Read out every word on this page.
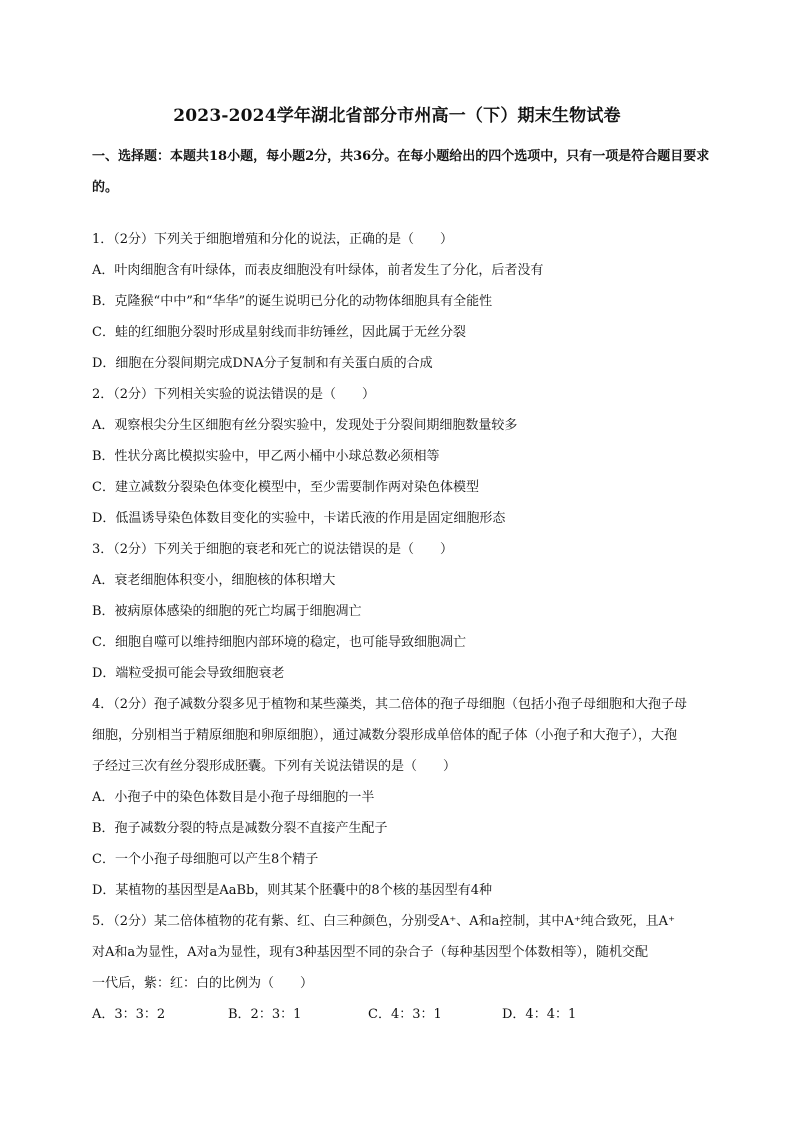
2023-2024学年湖北省部分市州高一（下）期末生物试卷
一、选择题：本题共18小题，每小题2分，共36分。在每小题给出的四个选项中，只有一项是符合题目要求的。
1．（2分）下列关于细胞增殖和分化的说法，正确的是（　　）
A．叶肉细胞含有叶绿体，而表皮细胞没有叶绿体，前者发生了分化，后者没有
B．克隆猴“中中”和“华华”的诞生说明已分化的动物体细胞具有全能性
C．蛙的红细胞分裂时形成星射线而非纺锤丝，因此属于无丝分裂
D．细胞在分裂间期完成DNA分子复制和有关蛋白质的合成
2．（2分）下列相关实验的说法错误的是（　　）
A．观察根尖分生区细胞有丝分裂实验中，发现处于分裂间期细胞数量较多
B．性状分离比模拟实验中，甲乙两小桶中小球总数必须相等
C．建立减数分裂染色体变化模型中，至少需要制作两对染色体模型
D．低温诱导染色体数目变化的实验中，卡诺氏液的作用是固定细胞形态
3．（2分）下列关于细胞的衰老和死亡的说法错误的是（　　）
A．衰老细胞体积变小，细胞核的体积增大
B．被病原体感染的细胞的死亡均属于细胞凋亡
C．细胞自噬可以维持细胞内部环境的稳定，也可能导致细胞凋亡
D．端粒受损可能会导致细胞衰老
4．（2分）孢子减数分裂多见于植物和某些藻类，其二倍体的孢子母细胞（包括小孢子母细胞和大孢子母
细胞，分别相当于精原细胞和卵原细胞），通过减数分裂形成单倍体的配子体（小孢子和大孢子），大孢
子经过三次有丝分裂形成胚囊。下列有关说法错误的是（　　）
A．小孢子中的染色体数目是小孢子母细胞的一半
B．孢子减数分裂的特点是减数分裂不直接产生配子
C．一个小孢子母细胞可以产生8个精子
D．某植物的基因型是AaBb，则其某个胚囊中的8个核的基因型有4种
5．（2分）某二倍体植物的花有紫、红、白三种颜色，分别受A⁺、A和a控制，其中A⁺纯合致死，且A⁺
对A和a为显性，A对a为显性，现有3种基因型不同的杂合子（每种基因型个体数相等），随机交配
一代后，紫：红：白的比例为（　　）
A．3：3：2	B．2：3：1	C．4：3：1	D．4：4：1
